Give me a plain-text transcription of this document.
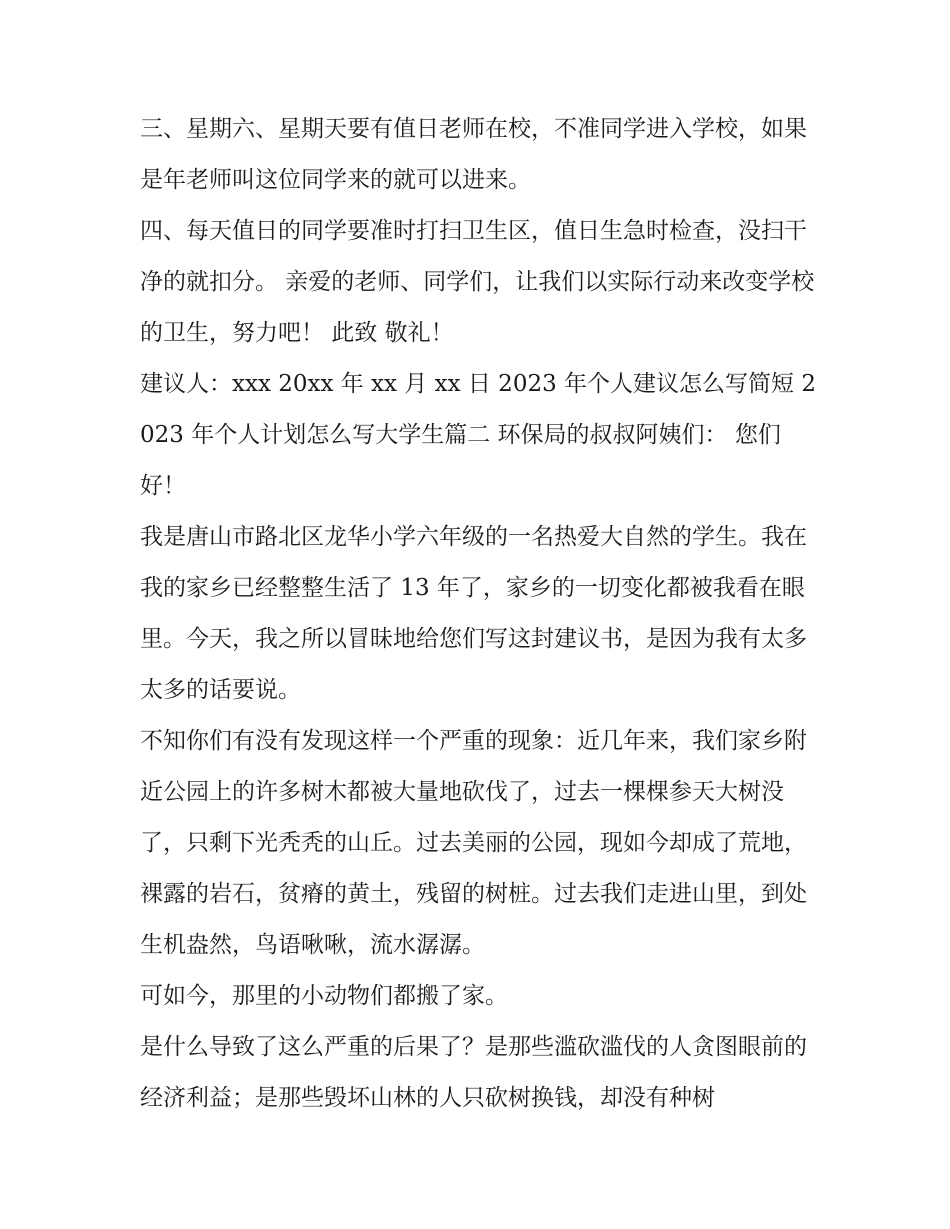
三、星期六、星期天要有值日老师在校，不准同学进入学校，如果是年老师叫这位同学来的就可以进来。

四、每天值日的同学要准时打扫卫生区，值日生急时检查，没扫干净的就扣分。 亲爱的老师、同学们，让我们以实际行动来改变学校的卫生，努力吧！ 此致 敬礼！

建议人：xxx 20xx 年 xx 月 xx 日 2023 年个人建议怎么写简短 2023 年个人计划怎么写大学生篇二 环保局的叔叔阿姨们： 您们好！

我是唐山市路北区龙华小学六年级的一名热爱大自然的学生。我在我的家乡已经整整生活了 13 年了，家乡的一切变化都被我看在眼里。今天，我之所以冒昧地给您们写这封建议书，是因为我有太多太多的话要说。

不知你们有没有发现这样一个严重的现象：近几年来，我们家乡附近公园上的许多树木都被大量地砍伐了，过去一棵棵参天大树没了，只剩下光秃秃的山丘。过去美丽的公园，现如今却成了荒地，裸露的岩石，贫瘠的黄土，残留的树桩。过去我们走进山里，到处生机盎然，鸟语啾啾，流水潺潺。

可如今，那里的小动物们都搬了家。

是什么导致了这么严重的后果了？是那些滥砍滥伐的人贪图眼前的经济利益；是那些毁坏山林的人只砍树换钱，却没有种树
